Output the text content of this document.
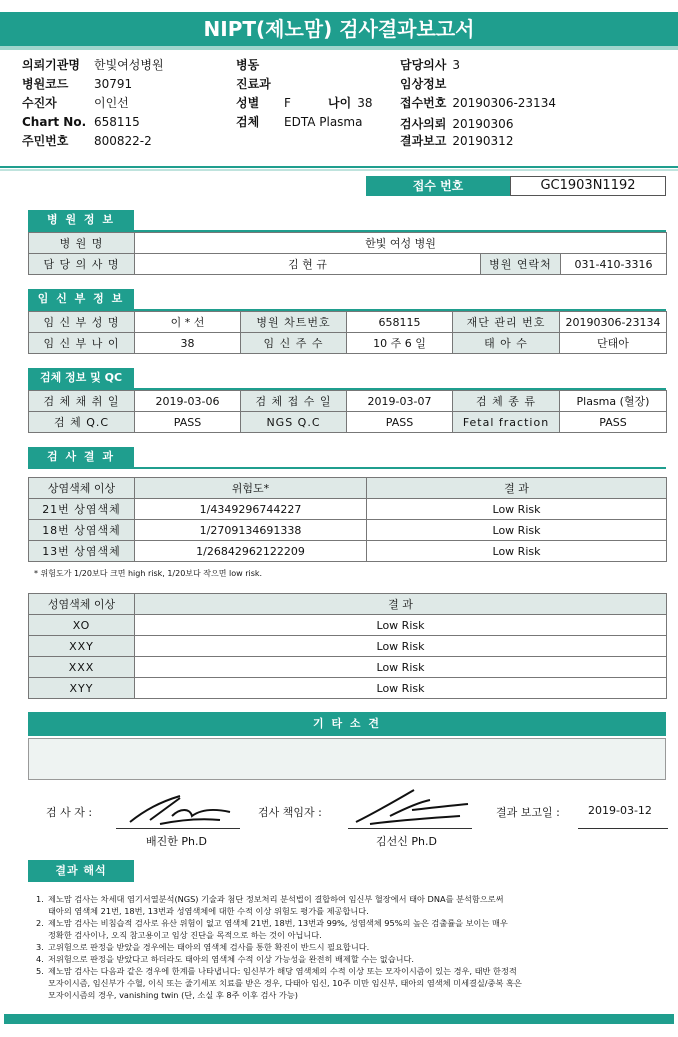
NIPT(제노맘) 검사결과보고서
의뢰기관명 한빛여성병원
병원코드 30791
수진자	이인선
Chart No. 658115
주민번호 800822-2
병동
진료과
성별 F	나이 38
검체 EDTA Plasma
담당의사 3
임상정보
접수번호 20190306-23134
검사의뢰 20190306
결과보고 20190312
접수 번호	GC1903N1192
병 원 정 보
병 원 명	한빛 여성 병원		
담 당 의 사 명	김 현 규	병원 연락처	031-410-3316
임 신 부 정 보
임 신 부 성 명	이 * 선	병원 차트번호	658115	재단 관리 번호	20190306-23134
임 신 부 나 이	38	임 신 주 수	10 주 6 일	태 아 수	단태아
검체 정보 및 QC
검 체 채 취 일	2019-03-06	검 체 접 수 일	2019-03-07	검 체 종 류	Plasma (혈장)
검 체 Q.C	PASS	NGS Q.C	PASS	Fetal fraction	PASS
검 사 결 과
상염색체 이상	위험도*	결 과
21번 상염색체	1/4349296744227	Low Risk
18번 상염색체	1/2709134691338	Low Risk
13번 상염색체	1/26842962122209	Low Risk
* 위험도가 1/20보다 크면 high risk, 1/20보다 작으면 low risk.
성염색체 이상	결 과
XO	Low Risk
XXY	Low Risk
XXX	Low Risk
XYY	Low Risk
기 타 소 견
검 사 자 :
배진한 Ph.D
검사 책임자 :
김선신 Ph.D
결과 보고일 :	2019-03-12
결과 해석
1. 제노맘 검사는 차세대 염기서열분석(NGS) 기술과 첨단 정보처리 분석법이 결합하여 임신부 혈장에서 태아 DNA를 분석함으로써
태아의 염색체 21번, 18번, 13번과 성염색체에 대한 수적 이상 위험도 평가를 제공합니다.
2. 제노맘 검사는 비침습적 검사로 유산 위험이 없고 염색체 21번, 18번, 13번과 99%, 성염색체 95%의 높은 검출률을 보이는 매우
정확한 검사이나, 오직 참고용이고 임상 진단을 목적으로 하는 것이 아닙니다.
3. 고위험으로 판정을 받았을 경우에는 태아의 염색체 검사를 통한 확진이 반드시 필요합니다.
4. 저위험으로 판정을 받았다고 하더라도 태아의 염색체 수적 이상 가능성을 완전히 배제할 수는 없습니다.
5. 제노맘 검사는 다음과 같은 경우에 한계를 나타냅니다: 임신부가 해당 염색체의 수적 이상 또는 모자이시즘이 있는 경우, 태반 한정적
모자이시즘, 임신부가 수혈, 이식 또는 줄기세포 치료를 받은 경우, 다태아 임신, 10주 미만 임신부, 태아의 염색체 미세결실/중복 혹은
모자이시즘의 경우, vanishing twin (단, 소실 후 8주 이후 검사 가능)
